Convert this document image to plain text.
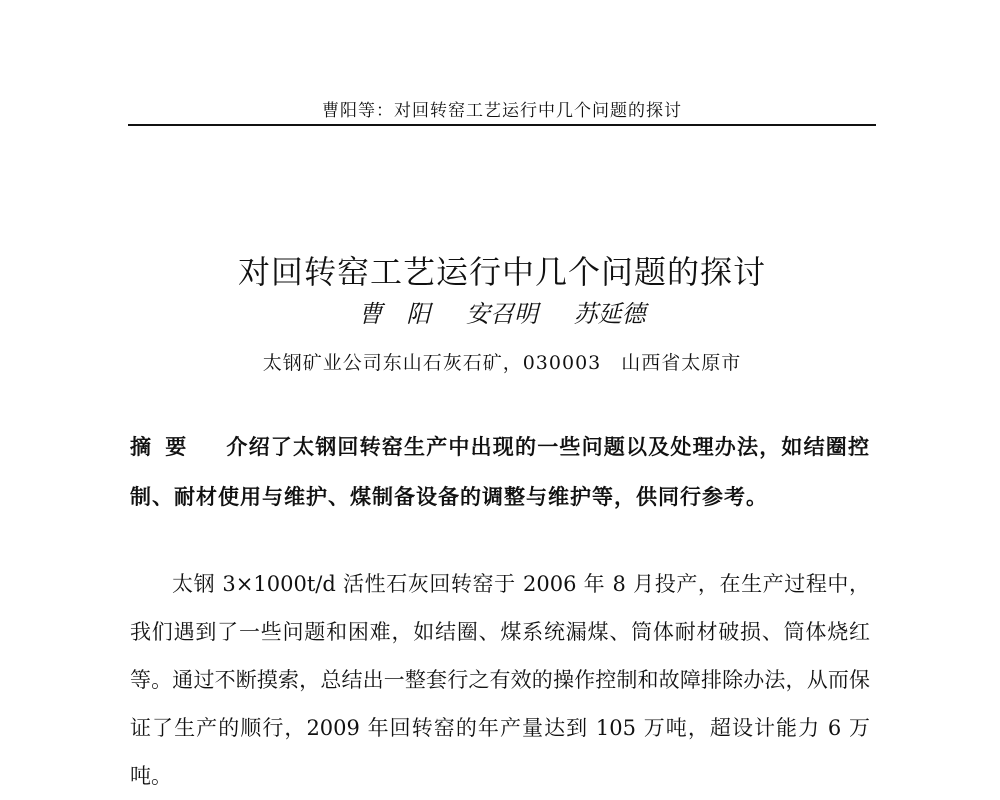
曹阳等：对回转窑工艺运行中几个问题的探讨
对回转窑工艺运行中几个问题的探讨
曹　阳 安召明 苏延德
太钢矿业公司东山石灰石矿，030003　山西省太原市
摘要 介绍了太钢回转窑生产中出现的一些问题以及处理办法，如结圈控制、耐材使用与维护、煤制备设备的调整与维护等，供同行参考。
太钢 3×1000t/d 活性石灰回转窑于 2006 年 8 月投产，在生产过程中，我们遇到了一些问题和困难，如结圈、煤系统漏煤、筒体耐材破损、筒体烧红等。通过不断摸索，总结出一整套行之有效的操作控制和故障排除办法，从而保证了生产的顺行，2009 年回转窑的年产量达到 105 万吨，超设计能力 6 万吨。
